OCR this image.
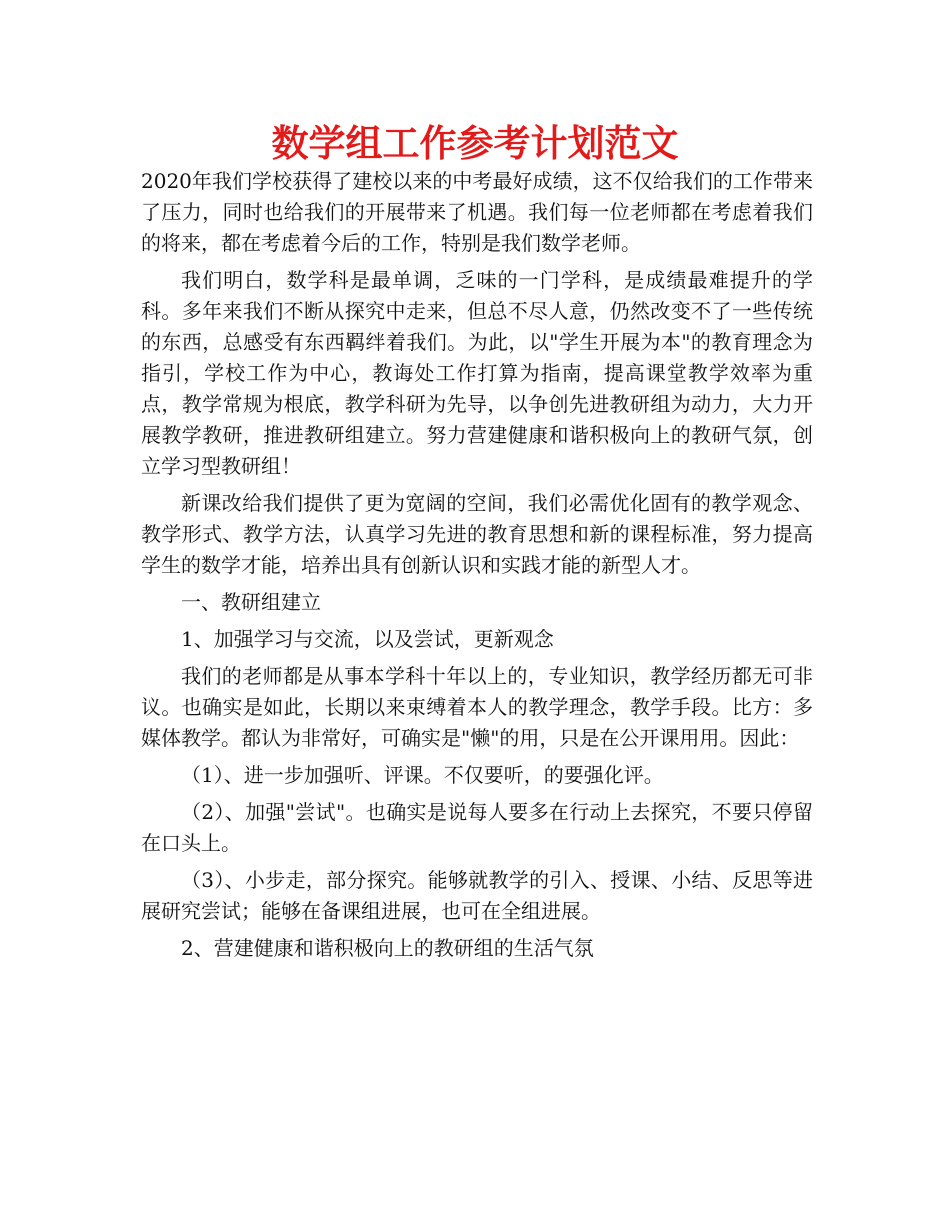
数学组工作参考计划范文

2020年我们学校获得了建校以来的中考最好成绩，这不仅给我们的工作带来了压力，同时也给我们的开展带来了机遇。我们每一位老师都在考虑着我们的将来，都在考虑着今后的工作，特别是我们数学老师。

我们明白，数学科是最单调，乏味的一门学科，是成绩最难提升的学科。多年来我们不断从探究中走来，但总不尽人意，仍然改变不了一些传统的东西，总感受有东西羁绊着我们。为此，以"学生开展为本"的教育理念为指引，学校工作为中心，教诲处工作打算为指南，提高课堂教学效率为重点，教学常规为根底，教学科研为先导，以争创先进教研组为动力，大力开展教学教研，推进教研组建立。努力营建健康和谐积极向上的教研气氛，创立学习型教研组！

新课改给我们提供了更为宽阔的空间，我们必需优化固有的教学观念、教学形式、教学方法，认真学习先进的教育思想和新的课程标准，努力提高学生的数学才能，培养出具有创新认识和实践才能的新型人才。

一、教研组建立

1、加强学习与交流，以及尝试，更新观念

我们的老师都是从事本学科十年以上的，专业知识，教学经历都无可非议。也确实是如此，长期以来束缚着本人的教学理念，教学手段。比方：多媒体教学。都认为非常好，可确实是"懒"的用，只是在公开课用用。因此：

（1）、进一步加强听、评课。不仅要听，的要强化评。

（2）、加强"尝试"。也确实是说每人要多在行动上去探究，不要只停留在口头上。

（3）、小步走，部分探究。能够就教学的引入、授课、小结、反思等进展研究尝试；能够在备课组进展，也可在全组进展。

2、营建健康和谐积极向上的教研组的生活气氛
